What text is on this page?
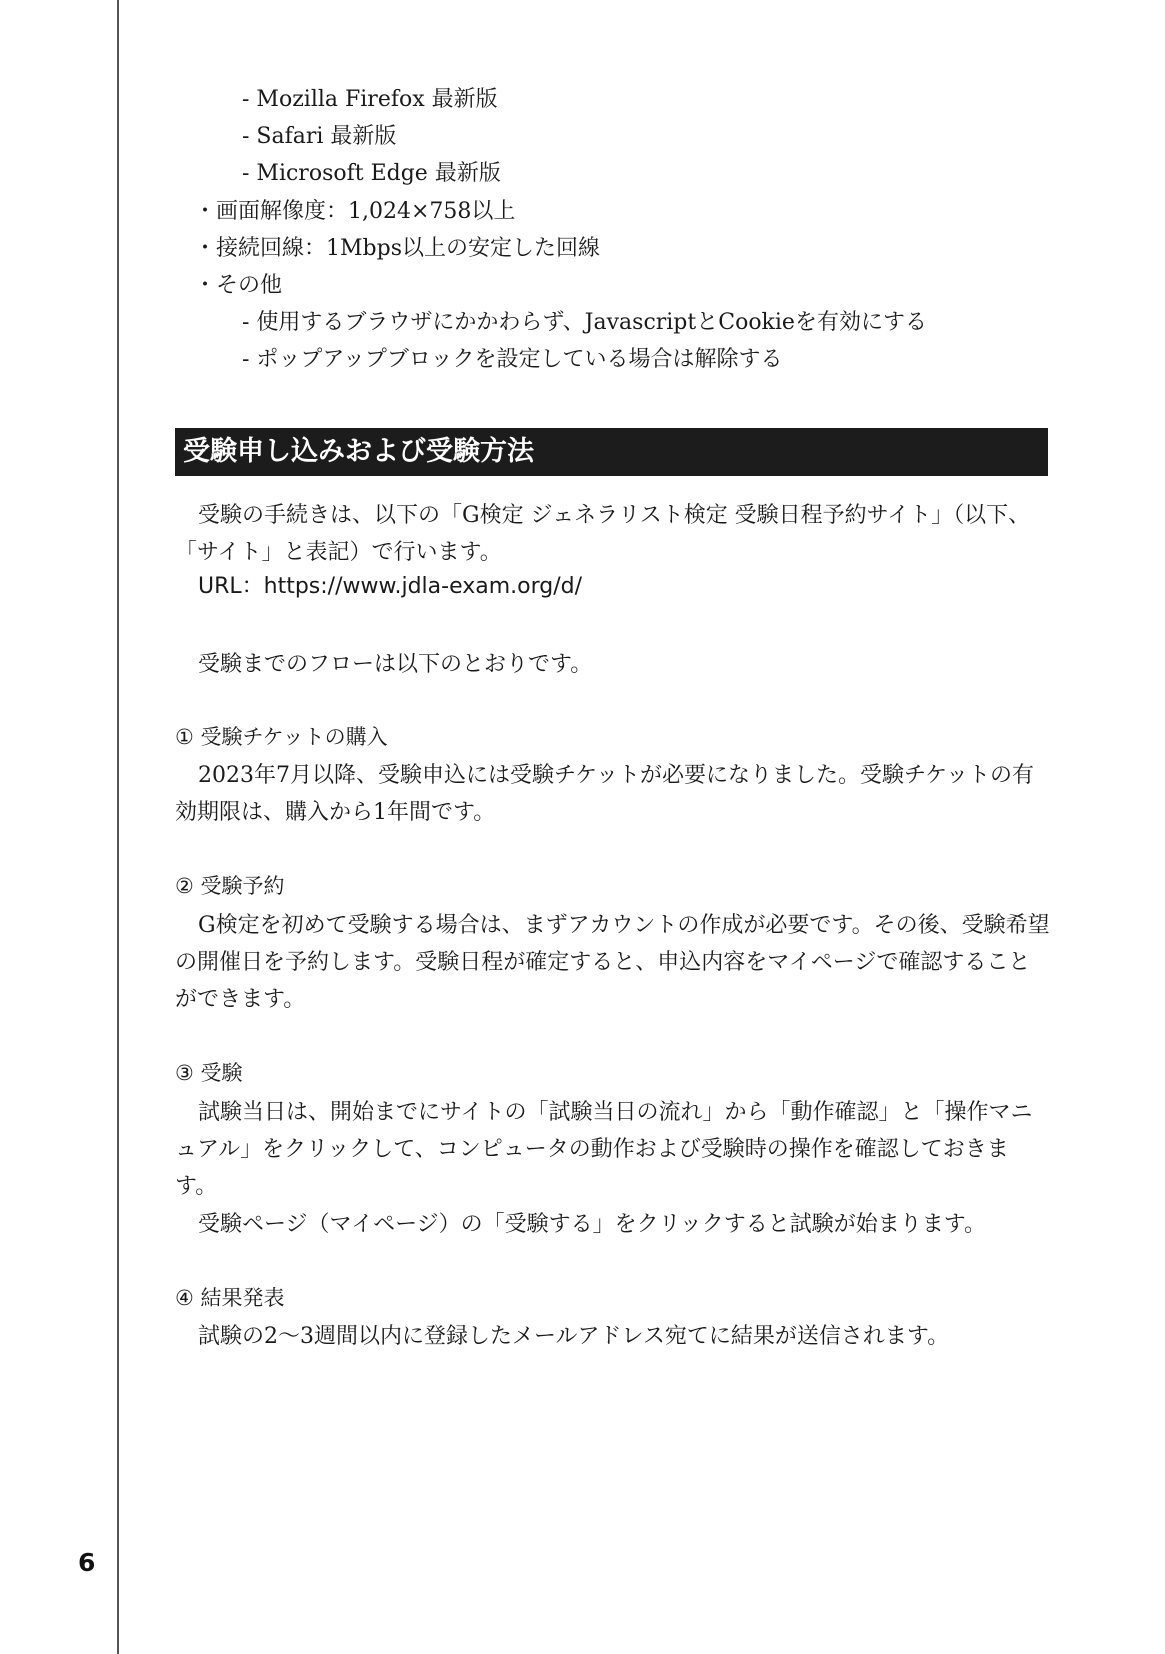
6
- Mozilla Firefox 最新版
- Safari 最新版
- Microsoft Edge 最新版
・画面解像度：1,024×758以上
・接続回線：1Mbps以上の安定した回線
・その他
- 使用するブラウザにかかわらず、JavascriptとCookieを有効にする
- ポップアップブロックを設定している場合は解除する
受験申し込みおよび受験方法
受験の手続きは、以下の「G検定 ジェネラリスト検定 受験日程予約サイト」（以下、「サイト」と表記）で行います。
URL：https://www.jdla-exam.org/d/
受験までのフローは以下のとおりです。
① 受験チケットの購入
2023年7月以降、受験申込には受験チケットが必要になりました。受験チケットの有効期限は、購入から1年間です。
② 受験予約
G検定を初めて受験する場合は、まずアカウントの作成が必要です。その後、受験希望の開催日を予約します。受験日程が確定すると、申込内容をマイページで確認することができます。
③ 受験
試験当日は、開始までにサイトの「試験当日の流れ」から「動作確認」と「操作マニュアル」をクリックして、コンピュータの動作および受験時の操作を確認しておきます。
受験ページ（マイページ）の「受験する」をクリックすると試験が始まります。
④ 結果発表
試験の2〜3週間以内に登録したメールアドレス宛てに結果が送信されます。
